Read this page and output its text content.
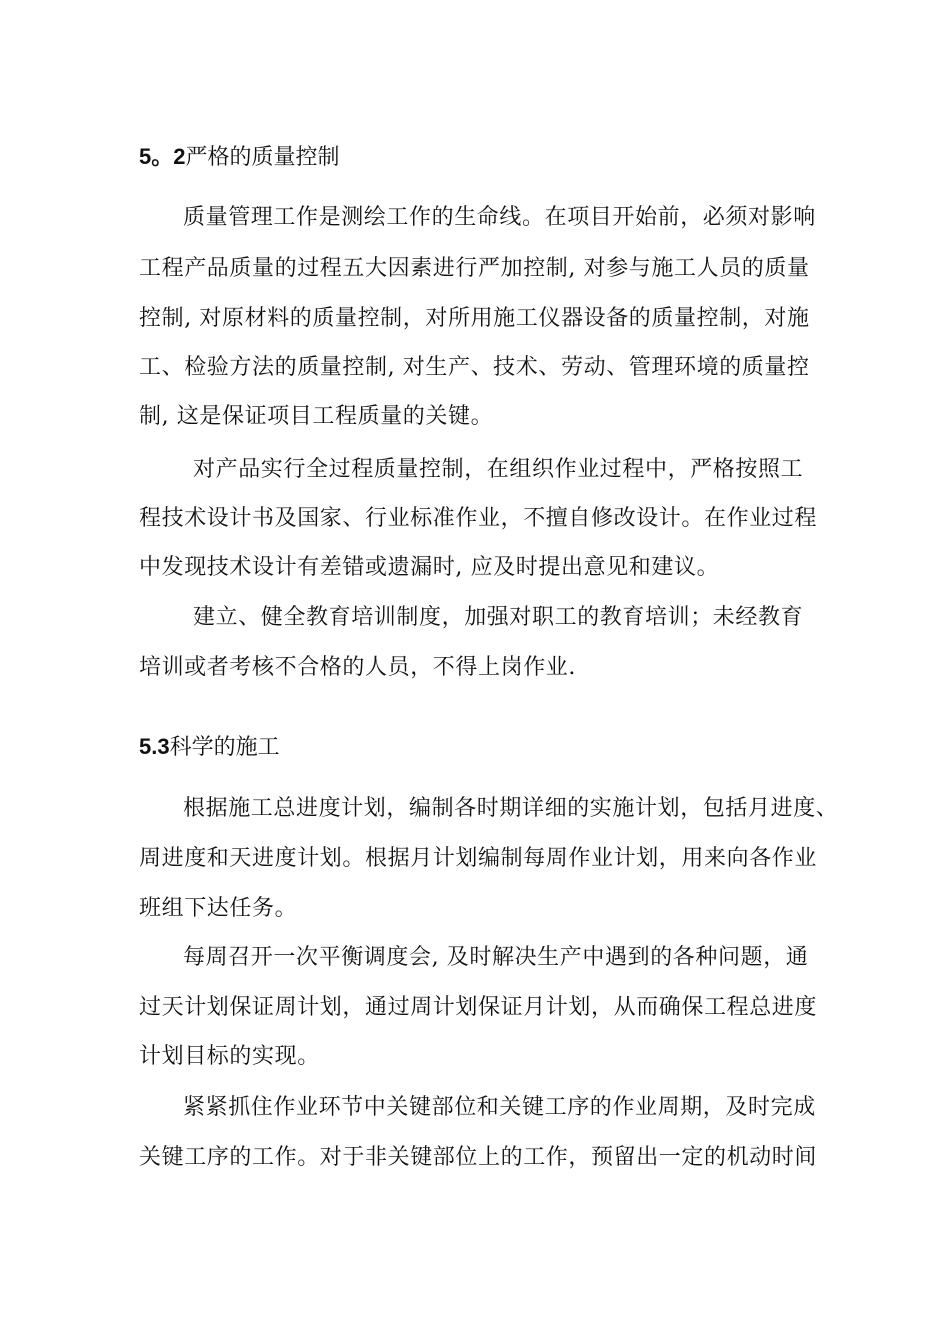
5。2严格的质量控制
质量管理工作是测绘工作的生命线。在项目开始前，必须对影响
工程产品质量的过程五大因素进行严加控制, 对参与施工人员的质量
控制, 对原材料的质量控制，对所用施工仪器设备的质量控制，对施
工、检验方法的质量控制, 对生产、技术、劳动、管理环境的质量控
制, 这是保证项目工程质量的关键。
对产品实行全过程质量控制，在组织作业过程中，严格按照工
程技术设计书及国家、行业标准作业，不擅自修改设计。在作业过程
中发现技术设计有差错或遗漏时, 应及时提出意见和建议。
建立、健全教育培训制度，加强对职工的教育培训；未经教育
培训或者考核不合格的人员，不得上岗作业.
5.3科学的施工
根据施工总进度计划，编制各时期详细的实施计划，包括月进度、
周进度和天进度计划。根据月计划编制每周作业计划，用来向各作业
班组下达任务。
每周召开一次平衡调度会, 及时解决生产中遇到的各种问题，通
过天计划保证周计划，通过周计划保证月计划，从而确保工程总进度
计划目标的实现。
紧紧抓住作业环节中关键部位和关键工序的作业周期，及时完成
关键工序的工作。对于非关键部位上的工作，预留出一定的机动时间
